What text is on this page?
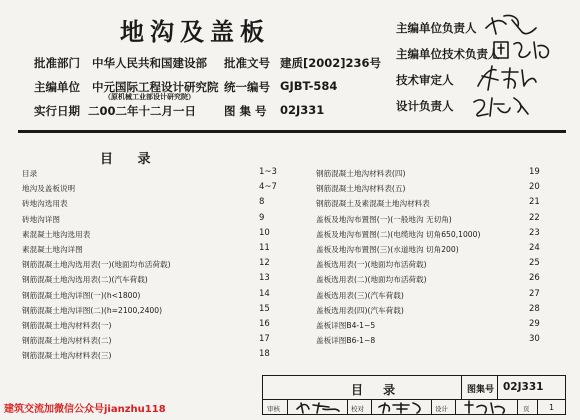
地沟及盖板
批准部门 中华人民共和国建设部 批准文号 建质[2002]236号
主编单位 中元国际工程设计研究院 统一编号 GJBT-584
（原机械工业部设计研究院）
实行日期 二00二年十二月一日 图 集 号 02J331
主编单位负责人
主编单位技术负责人
技术审定人
设计负责人
目 录
目录	1~3
地沟及盖板说明	4~7
砖地沟选用表	8
砖地沟详图	9
素混凝土地沟选用表	10
素混凝土地沟详图	11
钢筋混凝土地沟选用表(一)(地面均布活荷载)	12
钢筋混凝土地沟选用表(二)(汽车荷载)	13
钢筋混凝土地沟详图(一)(h<1800)	14
钢筋混凝土地沟详图(二)(h=2100,2400)	15
钢筋混凝土地沟材料表(一)	16
钢筋混凝土地沟材料表(二)	17
钢筋混凝土地沟材料表(三)	18
钢筋混凝土地沟材料表(四)	19
钢筋混凝土地沟材料表(五)	20
钢筋混凝土及素混凝土地沟材料表	21
盖板及地沟布置图(一)(一般地沟 无切角)	22
盖板及地沟布置图(二)(电缆地沟 切角650,1000)	23
盖板及地沟布置图(三)(水道地沟 切角200)	24
盖板选用表(一)(地面均布活荷载)	25
盖板选用表(二)(地面均布活荷载)	26
盖板选用表(三)(汽车荷载)	27
盖板选用表(四)(汽车荷载)	28
盖板详图B4-1~5	29
盖板详图B6-1~8	30
目 录	图集号 02J331
审核	校对	设计	页 1
建筑交流加微信公众号jianzhu118
